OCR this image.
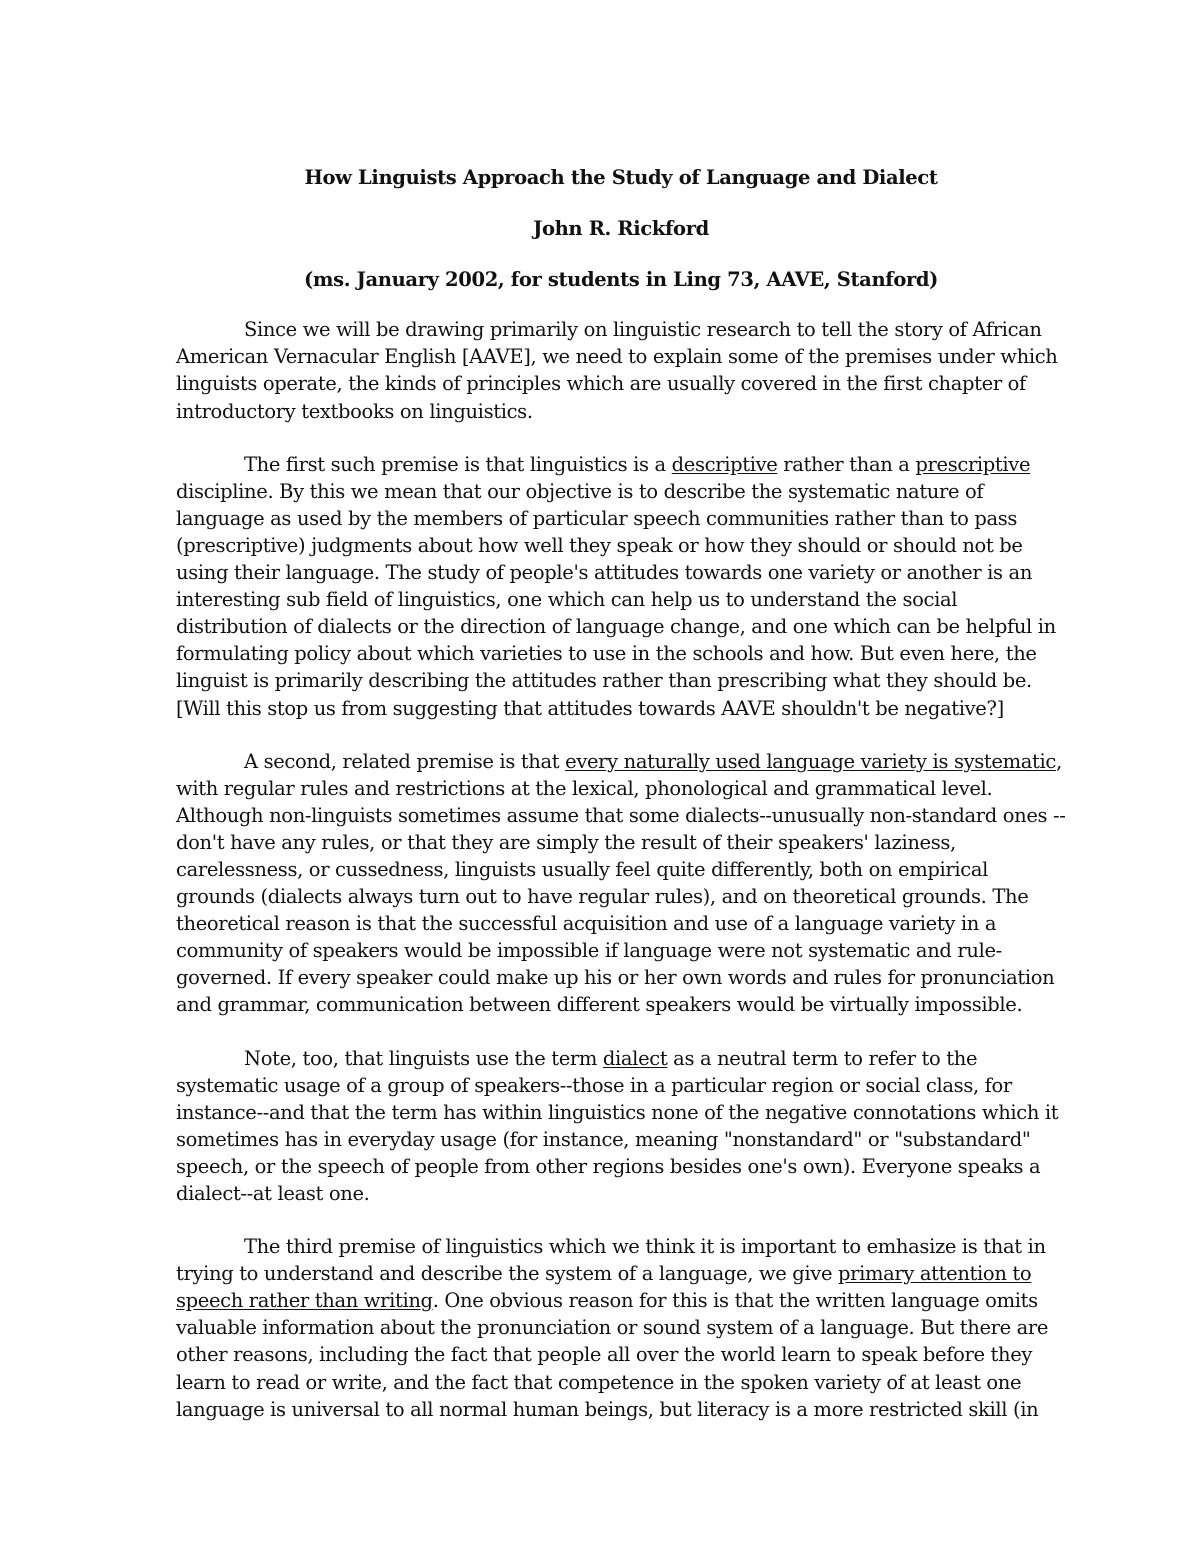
How Linguists Approach the Study of Language and Dialect

John R. Rickford

(ms. January 2002, for students in Ling 73, AAVE, Stanford)

Since we will be drawing primarily on linguistic research to tell the story of African American Vernacular English [AAVE], we need to explain some of the premises under which linguists operate, the kinds of principles which are usually covered in the first chapter of introductory textbooks on linguistics.

The first such premise is that linguistics is a descriptive rather than a prescriptive discipline. By this we mean that our objective is to describe the systematic nature of language as used by the members of particular speech communities rather than to pass (prescriptive) judgments about how well they speak or how they should or should not be using their language. The study of people's attitudes towards one variety or another is an interesting sub field of linguistics, one which can help us to understand the social distribution of dialects or the direction of language change, and one which can be helpful in formulating policy about which varieties to use in the schools and how. But even here, the linguist is primarily describing the attitudes rather than prescribing what they should be. [Will this stop us from suggesting that attitudes towards AAVE shouldn't be negative?]

A second, related premise is that every naturally used language variety is systematic, with regular rules and restrictions at the lexical, phonological and grammatical level. Although non-linguists sometimes assume that some dialects--unusually non-standard ones --don't have any rules, or that they are simply the result of their speakers' laziness, carelessness, or cussedness, linguists usually feel quite differently, both on empirical grounds (dialects always turn out to have regular rules), and on theoretical grounds. The theoretical reason is that the successful acquisition and use of a language variety in a community of speakers would be impossible if language were not systematic and rule-governed. If every speaker could make up his or her own words and rules for pronunciation and grammar, communication between different speakers would be virtually impossible.

Note, too, that linguists use the term dialect as a neutral term to refer to the systematic usage of a group of speakers--those in a particular region or social class, for instance--and that the term has within linguistics none of the negative connotations which it sometimes has in everyday usage (for instance, meaning "nonstandard" or "substandard" speech, or the speech of people from other regions besides one's own). Everyone speaks a dialect--at least one.

The third premise of linguistics which we think it is important to emhasize is that in trying to understand and describe the system of a language, we give primary attention to speech rather than writing. One obvious reason for this is that the written language omits valuable information about the pronunciation or sound system of a language. But there are other reasons, including the fact that people all over the world learn to speak before they learn to read or write, and the fact that competence in the spoken variety of at least one language is universal to all normal human beings, but literacy is a more restricted skill (in
